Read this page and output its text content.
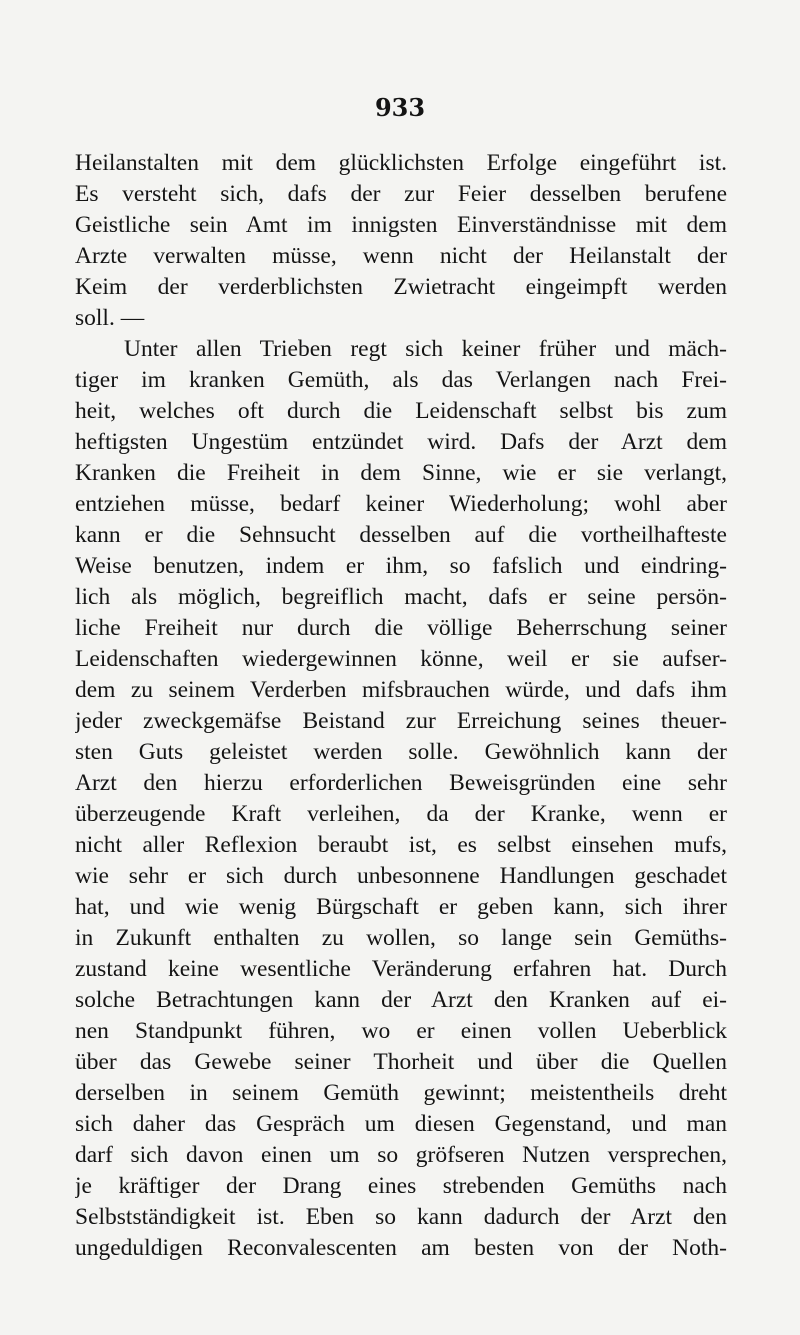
933
Heilanstalten mit dem glücklichsten Erfolge eingeführt ist.
Es versteht sich, dafs der zur Feier desselben berufene
Geistliche sein Amt im innigsten Einverständnisse mit dem
Arzte verwalten müsse, wenn nicht der Heilanstalt der
Keim der verderblichsten Zwietracht eingeimpft werden
soll. —
Unter allen Trieben regt sich keiner früher und mäch-
tiger im kranken Gemüth, als das Verlangen nach Frei-
heit, welches oft durch die Leidenschaft selbst bis zum
heftigsten Ungestüm entzündet wird. Dafs der Arzt dem
Kranken die Freiheit in dem Sinne, wie er sie verlangt,
entziehen müsse, bedarf keiner Wiederholung; wohl aber
kann er die Sehnsucht desselben auf die vortheilhafteste
Weise benutzen, indem er ihm, so fafslich und eindring-
lich als möglich, begreiflich macht, dafs er seine persön-
liche Freiheit nur durch die völlige Beherrschung seiner
Leidenschaften wiedergewinnen könne, weil er sie aufser-
dem zu seinem Verderben mifsbrauchen würde, und dafs ihm
jeder zweckgemäfse Beistand zur Erreichung seines theuer-
sten Guts geleistet werden solle. Gewöhnlich kann der
Arzt den hierzu erforderlichen Beweisgründen eine sehr
überzeugende Kraft verleihen, da der Kranke, wenn er
nicht aller Reflexion beraubt ist, es selbst einsehen mufs,
wie sehr er sich durch unbesonnene Handlungen geschadet
hat, und wie wenig Bürgschaft er geben kann, sich ihrer
in Zukunft enthalten zu wollen, so lange sein Gemüths-
zustand keine wesentliche Veränderung erfahren hat. Durch
solche Betrachtungen kann der Arzt den Kranken auf ei-
nen Standpunkt führen, wo er einen vollen Ueberblick
über das Gewebe seiner Thorheit und über die Quellen
derselben in seinem Gemüth gewinnt; meistentheils dreht
sich daher das Gespräch um diesen Gegenstand, und man
darf sich davon einen um so gröfseren Nutzen versprechen,
je kräftiger der Drang eines strebenden Gemüths nach
Selbstständigkeit ist. Eben so kann dadurch der Arzt den
ungeduldigen Reconvalescenten am besten von der Noth-
